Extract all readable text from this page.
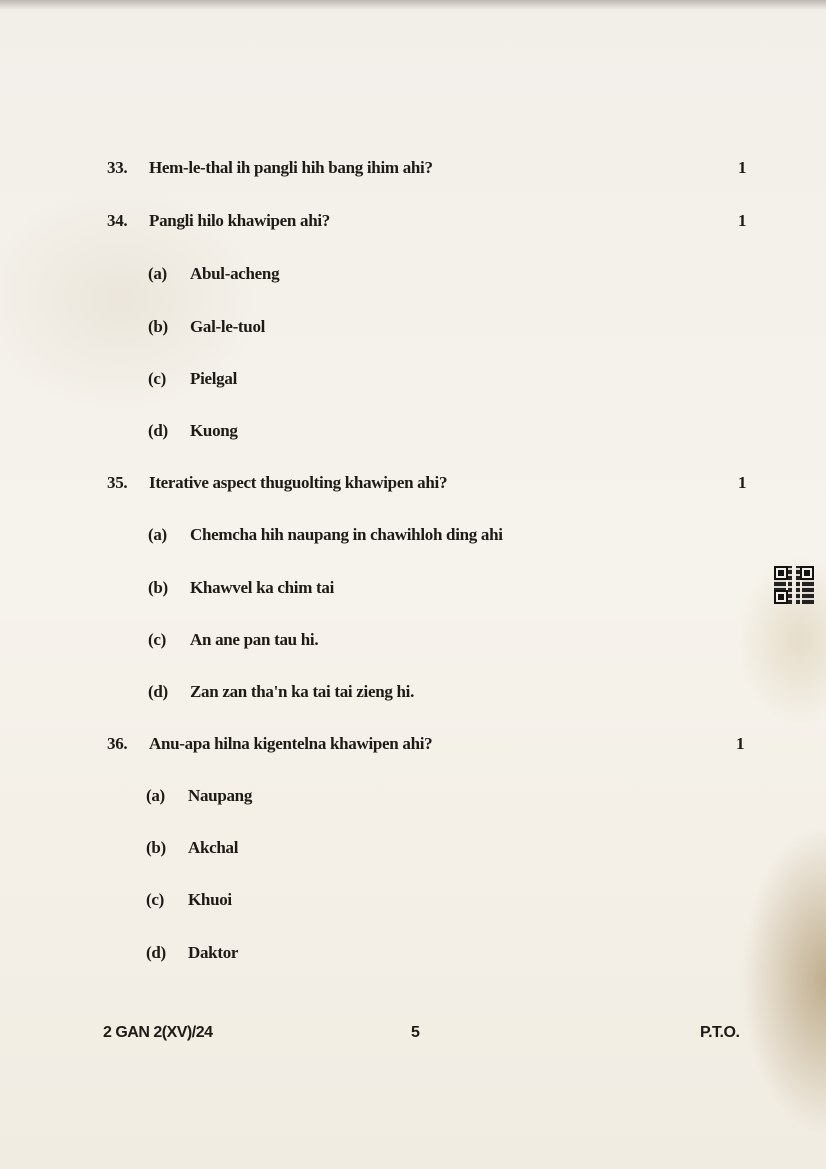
33. Hem-le-thal ih pangli hih bang ihim ahi?	1
34. Pangli hilo khawipen ahi?	1
(a) Abul-acheng
(b) Gal-le-tuol
(c) Pielgal
(d) Kuong
35. Iterative aspect thuguolting khawipen ahi?	1
(a) Chemcha hih naupang in chawihloh ding ahi
(b) Khawvel ka chim tai
(c) An ane pan tau hi.
(d) Zan zan tha'n ka tai tai zieng hi.
36. Anu-apa hilna kigentelna khawipen ahi?	1
(a) Naupang
(b) Akchal
(c) Khuoi
(d) Daktor
2 GAN 2(XV)/24	5	P.T.O.
